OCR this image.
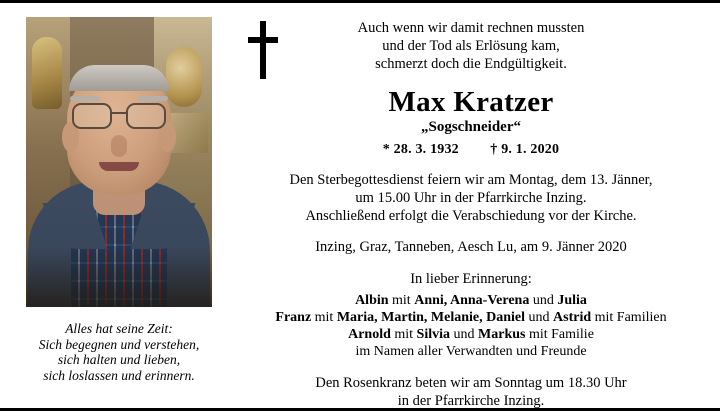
Alles hat seine Zeit:
Sich begegnen und verstehen,
sich halten und lieben,
sich loslassen und erinnern.
Auch wenn wir damit rechnen mussten
und der Tod als Erlösung kam,
schmerzt doch die Endgültigkeit.
Max Kratzer
„Sogschneider“
* 28. 3. 1932 † 9. 1. 2020
Den Sterbegottesdienst feiern wir am Montag, dem 13. Jänner,
um 15.00 Uhr in der Pfarrkirche Inzing.
Anschließend erfolgt die Verabschiedung vor der Kirche.
Inzing, Graz, Tanneben, Aesch Lu, am 9. Jänner 2020
In lieber Erinnerung:
Albin mit Anni, Anna-Verena und Julia
Franz mit Maria, Martin, Melanie, Daniel und Astrid mit Familien
Arnold mit Silvia und Markus mit Familie
im Namen aller Verwandten und Freunde
Den Rosenkranz beten wir am Sonntag um 18.30 Uhr
in der Pfarrkirche Inzing.
